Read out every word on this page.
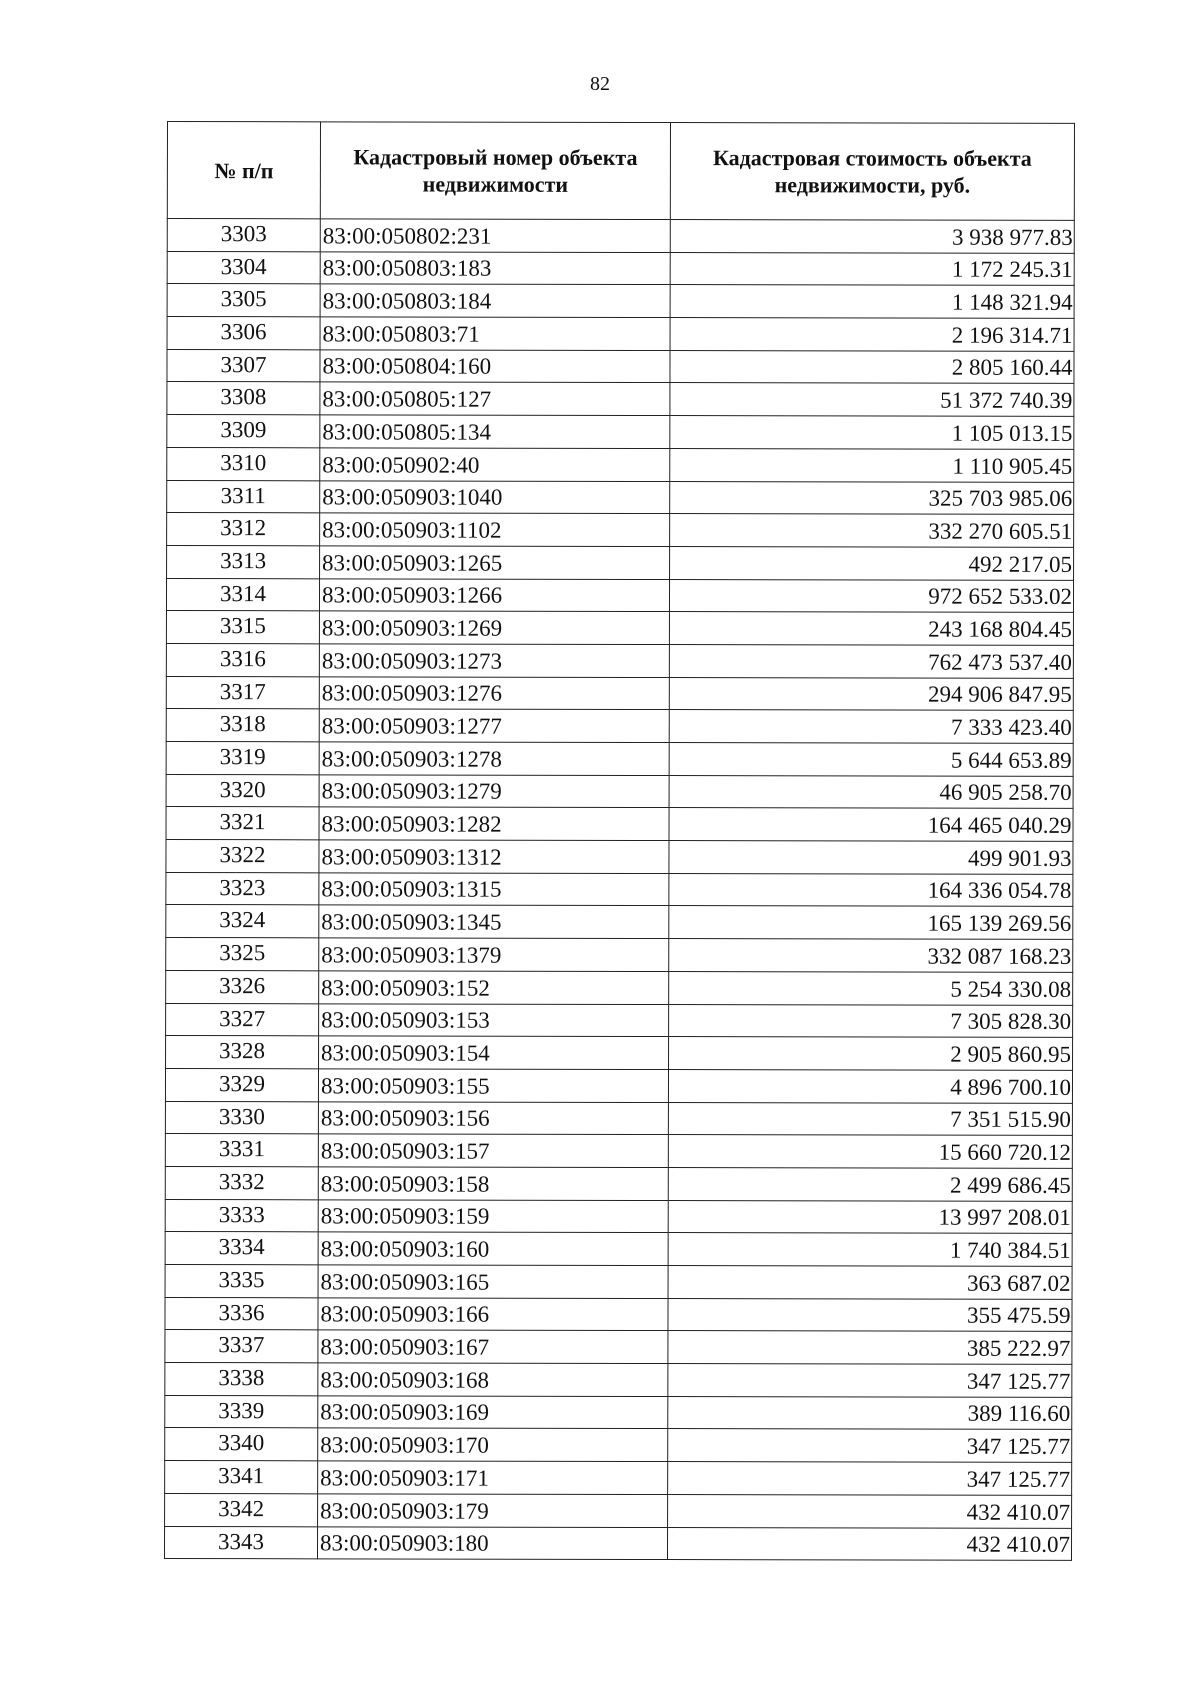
82
№ п/п	Кадастровый номер объекта недвижимости	Кадастровая стоимость объекта недвижимости, руб.
3303	83:00:050802:231	3 938 977.83
3304	83:00:050803:183	1 172 245.31
3305	83:00:050803:184	1 148 321.94
3306	83:00:050803:71	2 196 314.71
3307	83:00:050804:160	2 805 160.44
3308	83:00:050805:127	51 372 740.39
3309	83:00:050805:134	1 105 013.15
3310	83:00:050902:40	1 110 905.45
3311	83:00:050903:1040	325 703 985.06
3312	83:00:050903:1102	332 270 605.51
3313	83:00:050903:1265	492 217.05
3314	83:00:050903:1266	972 652 533.02
3315	83:00:050903:1269	243 168 804.45
3316	83:00:050903:1273	762 473 537.40
3317	83:00:050903:1276	294 906 847.95
3318	83:00:050903:1277	7 333 423.40
3319	83:00:050903:1278	5 644 653.89
3320	83:00:050903:1279	46 905 258.70
3321	83:00:050903:1282	164 465 040.29
3322	83:00:050903:1312	499 901.93
3323	83:00:050903:1315	164 336 054.78
3324	83:00:050903:1345	165 139 269.56
3325	83:00:050903:1379	332 087 168.23
3326	83:00:050903:152	5 254 330.08
3327	83:00:050903:153	7 305 828.30
3328	83:00:050903:154	2 905 860.95
3329	83:00:050903:155	4 896 700.10
3330	83:00:050903:156	7 351 515.90
3331	83:00:050903:157	15 660 720.12
3332	83:00:050903:158	2 499 686.45
3333	83:00:050903:159	13 997 208.01
3334	83:00:050903:160	1 740 384.51
3335	83:00:050903:165	363 687.02
3336	83:00:050903:166	355 475.59
3337	83:00:050903:167	385 222.97
3338	83:00:050903:168	347 125.77
3339	83:00:050903:169	389 116.60
3340	83:00:050903:170	347 125.77
3341	83:00:050903:171	347 125.77
3342	83:00:050903:179	432 410.07
3343	83:00:050903:180	432 410.07
